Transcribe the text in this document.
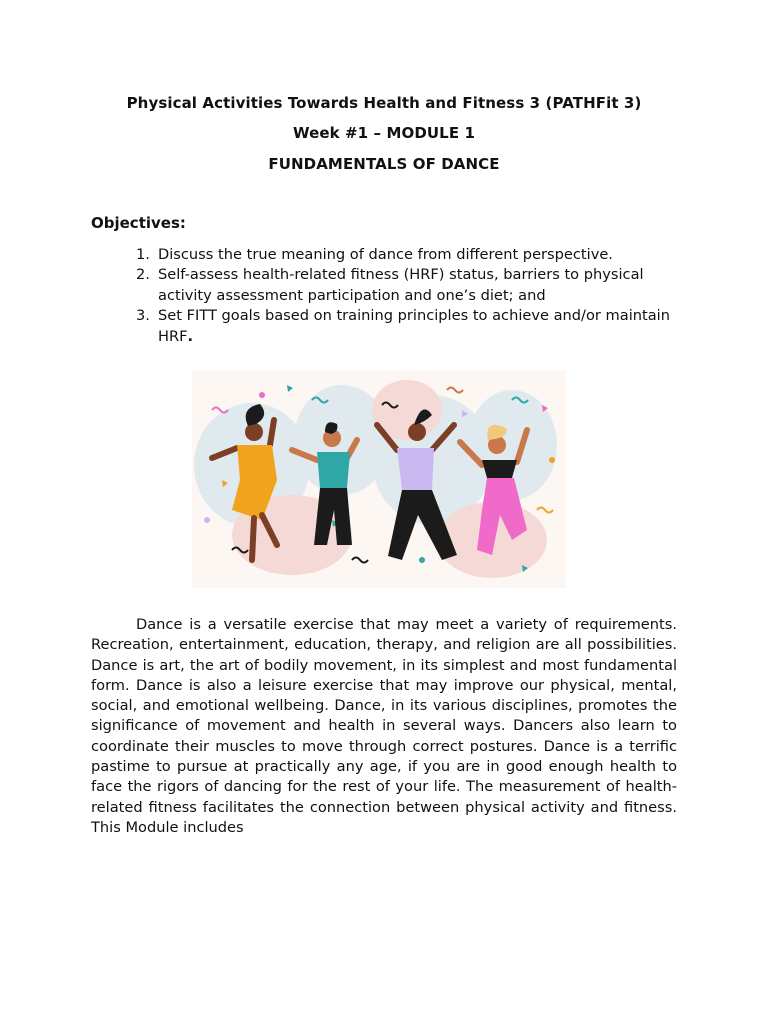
Physical Activities Towards Health and Fitness 3 (PATHFit 3)
Week #1 – MODULE 1
FUNDAMENTALS OF DANCE
Objectives:
1. Discuss the true meaning of dance from different perspective.
2. Self-assess health-related fitness (HRF) status, barriers to physical activity assessment participation and one’s diet; and
3. Set FITT goals based on training principles to achieve and/or maintain HRF.

Dance is a versatile exercise that may meet a variety of requirements. Recreation, entertainment, education, therapy, and religion are all possibilities. Dance is art, the art of bodily movement, in its simplest and most fundamental form. Dance is also a leisure exercise that may improve our physical, mental, social, and emotional wellbeing. Dance, in its various disciplines, promotes the significance of movement and health in several ways. Dancers also learn to coordinate their muscles to move through correct postures. Dance is a terrific pastime to pursue at practically any age, if you are in good enough health to face the rigors of dancing for the rest of your life. The measurement of health-related fitness facilitates the connection between physical activity and fitness. This Module includes
